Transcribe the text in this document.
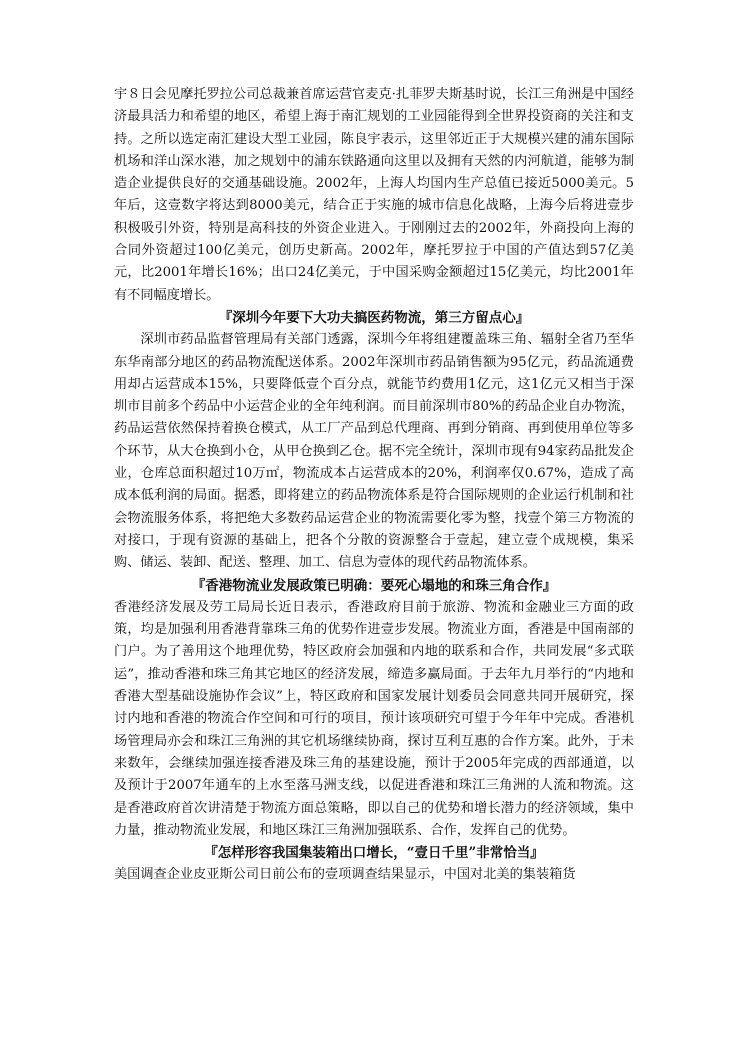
宇８日会见摩托罗拉公司总裁兼首席运营官麦克·扎菲罗夫斯基时说，长江三角洲是中国经济最具活力和希望的地区，希望上海于南汇规划的工业园能得到全世界投资商的关注和支持。之所以选定南汇建设大型工业园，陈良宇表示，这里邻近正于大规模兴建的浦东国际机场和洋山深水港，加之规划中的浦东铁路通向这里以及拥有天然的内河航道，能够为制造企业提供良好的交通基础设施。2002年，上海人均国内生产总值已接近5000美元。5年后，这壹数字将达到8000美元，结合正于实施的城市信息化战略，上海今后将进壹步积极吸引外资，特别是高科技的外资企业进入。于刚刚过去的2002年，外商投向上海的合同外资超过100亿美元，创历史新高。2002年，摩托罗拉于中国的产值达到57亿美元，比2001年增长16%；出口24亿美元，于中国采购金额超过15亿美元，均比2001年有不同幅度增长。

『深圳今年要下大功夫搞医药物流，第三方留点心』

深圳市药品监督管理局有关部门透露，深圳今年将组建覆盖珠三角、辐射全省乃至华东华南部分地区的药品物流配送体系。2002年深圳市药品销售额为95亿元，药品流通费用却占运营成本15%，只要降低壹个百分点，就能节约费用1亿元，这1亿元又相当于深圳市目前多个药品中小运营企业的全年纯利润。而目前深圳市80%的药品企业自办物流，药品运营依然保持着换仓模式，从工厂产品到总代理商、再到分销商、再到使用单位等多个环节，从大仓换到小仓，从甲仓换到乙仓。据不完全统计，深圳市现有94家药品批发企业，仓库总面积超过10万㎡，物流成本占运营成本的20%，利润率仅0.67%，造成了高成本低利润的局面。据悉，即将建立的药品物流体系是符合国际规则的企业运行机制和社会物流服务体系，将把绝大多数药品运营企业的物流需要化零为整，找壹个第三方物流的对接口，于现有资源的基础上，把各个分散的资源整合于壹起，建立壹个成规模，集采购、储运、装卸、配送、整理、加工、信息为壹体的现代药品物流体系。

『香港物流业发展政策已明确：要死心塌地的和珠三角合作』

香港经济发展及劳工局局长近日表示，香港政府目前于旅游、物流和金融业三方面的政策，均是加强利用香港背靠珠三角的优势作进壹步发展。物流业方面，香港是中国南部的门户。为了善用这个地理优势，特区政府会加强和内地的联系和合作，共同发展“多式联运”，推动香港和珠三角其它地区的经济发展，缔造多赢局面。于去年九月举行的“内地和香港大型基础设施协作会议”上，特区政府和国家发展计划委员会同意共同开展研究，探讨内地和香港的物流合作空间和可行的项目，预计该项研究可望于今年年中完成。香港机场管理局亦会和珠江三角洲的其它机场继续协商，探讨互利互惠的合作方案。此外，于未来数年，会继续加强连接香港及珠三角的基建设施，预计于2005年完成的西部通道，以及预计于2007年通车的上水至落马洲支线，以促进香港和珠江三角洲的人流和物流。这是香港政府首次讲清楚于物流方面总策略，即以自己的优势和增长潜力的经济领域，集中力量，推动物流业发展，和地区珠江三角洲加强联系、合作，发挥自己的优势。

『怎样形容我国集装箱出口增长，“壹日千里”非常恰当』

美国调查企业皮亚斯公司日前公布的壹项调查结果显示，中国对北美的集装箱货
